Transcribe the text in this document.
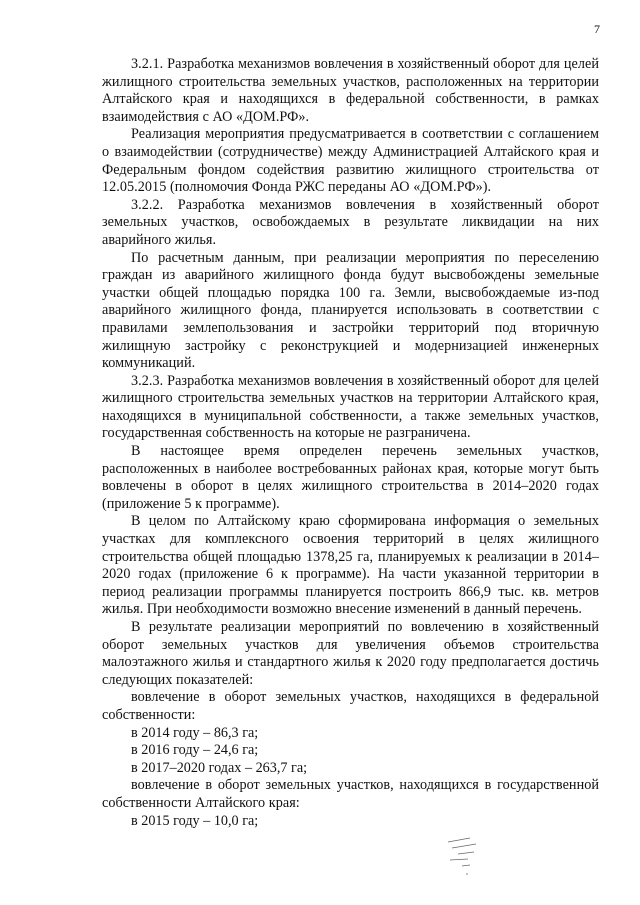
7

3.2.1. Разработка механизмов вовлечения в хозяйственный оборот для целей жилищного строительства земельных участков, расположенных на территории Алтайского края и находящихся в федеральной собственности, в рамках взаимодействия с АО «ДОМ.РФ».

Реализация мероприятия предусматривается в соответствии с соглашением о взаимодействии (сотрудничестве) между Администрацией Алтайского края и Федеральным фондом содействия развитию жилищного строительства от 12.05.2015 (полномочия Фонда РЖС переданы АО «ДОМ.РФ»).

3.2.2. Разработка механизмов вовлечения в хозяйственный оборот земельных участков, освобождаемых в результате ликвидации на них аварийного жилья.

По расчетным данным, при реализации мероприятия по переселению граждан из аварийного жилищного фонда будут высвобождены земельные участки общей площадью порядка 100 га. Земли, высвобождаемые из-под аварийного жилищного фонда, планируется использовать в соответствии с правилами землепользования и застройки территорий под вторичную жилищную застройку с реконструкцией и модернизацией инженерных коммуникаций.

3.2.3. Разработка механизмов вовлечения в хозяйственный оборот для целей жилищного строительства земельных участков на территории Алтайского края, находящихся в муниципальной собственности, а также земельных участков, государственная собственность на которые не разграничена.

В настоящее время определен перечень земельных участков, расположенных в наиболее востребованных районах края, которые могут быть вовлечены в оборот в целях жилищного строительства в 2014–2020 годах (приложение 5 к программе).

В целом по Алтайскому краю сформирована информация о земельных участках для комплексного освоения территорий в целях жилищного строительства общей площадью 1378,25 га, планируемых к реализации в 2014–2020 годах (приложение 6 к программе). На части указанной территории в период реализации программы планируется построить 866,9 тыс. кв. метров жилья. При необходимости возможно внесение изменений в данный перечень.

В результате реализации мероприятий по вовлечению в хозяйственный оборот земельных участков для увеличения объемов строительства малоэтажного жилья и стандартного жилья к 2020 году предполагается достичь следующих показателей:

вовлечение в оборот земельных участков, находящихся в федеральной собственности:

в 2014 году – 86,3 га;

в 2016 году – 24,6 га;

в 2017–2020 годах – 263,7 га;

вовлечение в оборот земельных участков, находящихся в государственной собственности Алтайского края:

в 2015 году – 10,0 га;
